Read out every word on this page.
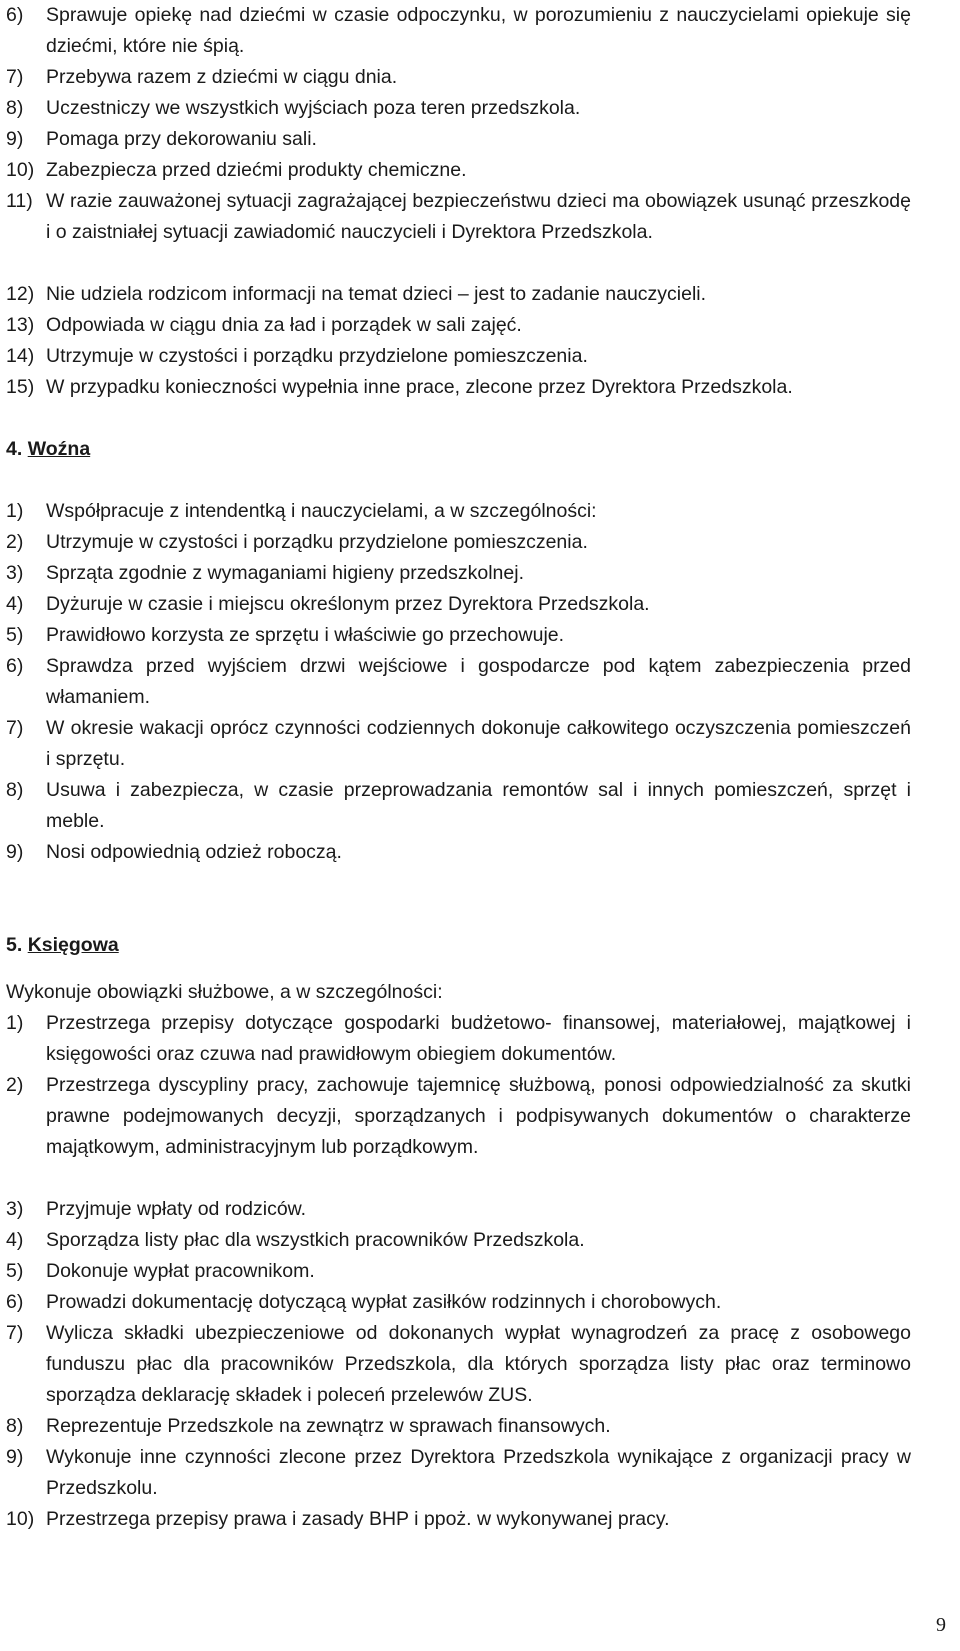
6)	Sprawuje opiekę nad dziećmi w czasie odpoczynku, w porozumieniu z nauczycielami opiekuje się dziećmi, które nie śpią.
7)	Przebywa razem z dziećmi w ciągu dnia.
8)	Uczestniczy we wszystkich wyjściach poza teren przedszkola.
9)	Pomaga przy dekorowaniu sali.
10) Zabezpiecza przed dziećmi produkty chemiczne.
11) W razie zauważonej sytuacji zagrażającej bezpieczeństwu dzieci ma obowiązek usunąć przeszkodę i o zaistniałej sytuacji zawiadomić nauczycieli i Dyrektora Przedszkola.
12) Nie udziela rodzicom informacji na temat dzieci – jest to zadanie nauczycieli.
13) Odpowiada w ciągu dnia za ład i porządek w sali zajęć.
14) Utrzymuje w czystości i porządku przydzielone pomieszczenia.
15) W przypadku konieczności wypełnia inne prace, zlecone przez Dyrektora Przedszkola.
4. Woźna
1)	Współpracuje z intendentką i nauczycielami, a w szczególności:
2)	Utrzymuje w czystości i porządku przydzielone pomieszczenia.
3)	Sprząta zgodnie z wymaganiami higieny przedszkolnej.
4)	Dyżuruje w czasie i miejscu określonym przez Dyrektora Przedszkola.
5)	Prawidłowo korzysta ze sprzętu i właściwie go przechowuje.
6)	Sprawdza przed wyjściem drzwi wejściowe i gospodarcze pod kątem zabezpieczenia przed włamaniem.
7)	W okresie wakacji oprócz czynności codziennych dokonuje całkowitego oczyszczenia pomieszczeń i sprzętu.
8)	Usuwa i zabezpiecza, w czasie przeprowadzania remontów sal i innych pomieszczeń, sprzęt i meble.
9)	Nosi odpowiednią odzież roboczą.
5. Księgowa
Wykonuje obowiązki służbowe, a w szczególności:
1)	Przestrzega przepisy dotyczące gospodarki budżetowo- finansowej, materiałowej, majątkowej i księgowości oraz czuwa nad prawidłowym obiegiem dokumentów.
2)	Przestrzega dyscypliny pracy, zachowuje tajemnicę służbową, ponosi odpowiedzialność za skutki prawne podejmowanych decyzji, sporządzanych i podpisywanych dokumentów o charakterze majątkowym, administracyjnym lub porządkowym.
3)	Przyjmuje wpłaty od rodziców.
4)	Sporządza listy płac dla wszystkich pracowników Przedszkola.
5)	Dokonuje wypłat pracownikom.
6)	Prowadzi dokumentację dotyczącą wypłat zasiłków rodzinnych i chorobowych.
7)	Wylicza składki ubezpieczeniowe od dokonanych wypłat wynagrodzeń za pracę z osobowego funduszu płac dla pracowników Przedszkola, dla których sporządza listy płac oraz terminowo sporządza deklarację składek i poleceń przelewów ZUS.
8)	Reprezentuje Przedszkole na zewnątrz w sprawach finansowych.
9)	Wykonuje inne czynności zlecone przez Dyrektora Przedszkola wynikające z organizacji pracy w Przedszkolu.
10) Przestrzega przepisy prawa i zasady BHP i ppoż. w wykonywanej pracy.
9
